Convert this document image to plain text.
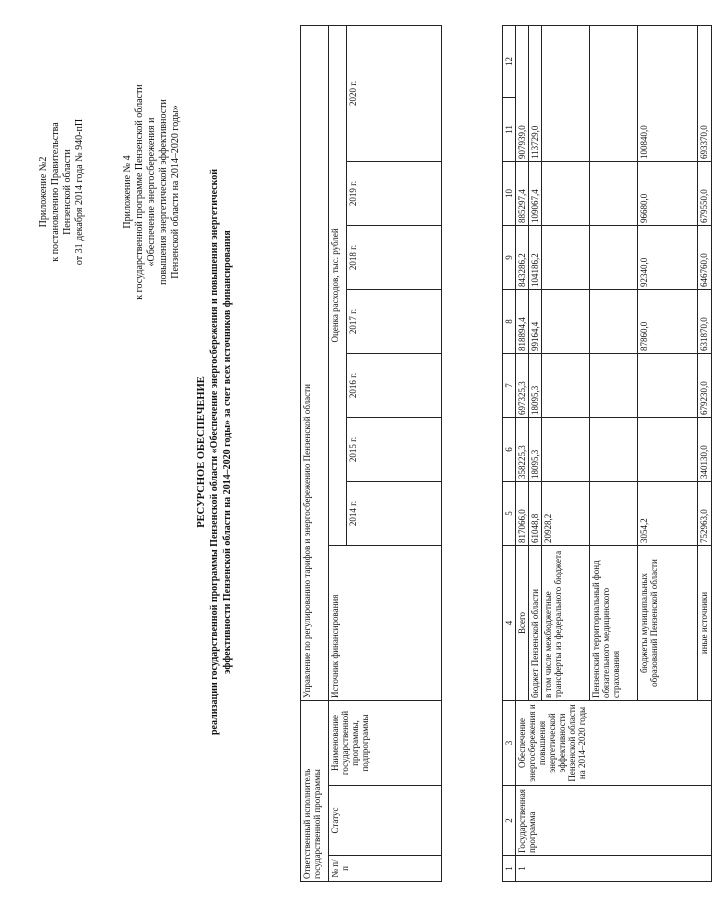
Приложение №2 к постановлению Правительства Пензенской области от 31 декабря 2014 года № 940-пП	Приложение № 4 к государственной программе Пензенской области «Обеспечение энергосбережения и повышения энергетической эффективности Пензенской области на 2014–2020 годы»
РЕСУРСНОЕ ОБЕСПЕЧЕНИЕ реализации государственной программы Пензенской области «Обеспечение энергосбережения и повышения энергетической эффективности Пензенской области на 2014–2020 годы» за счет всех источников финансирования
Ответственный исполнитель государственной программы			Управление по регулированию тарифов и энергосбережению Пензенской области							
№ п/п	Статус	Наименование государственной программы, подпрограммы	Источник финансирования	Оценка расходов, тыс. рублей						
				2014 г.	2015 г.	2016 г.	2017 г.	2018 г.	2019 г.	2020 г.
1	2	3	4	5	6	7	8	9	10	11	12
1	Государственная программа	Обеспечение энергосбережения и повышения энергетической эффективности Пензенской области на 2014–2020 годы	Всего	817066,0	358225,3	697325,3	818894,4	843286,2	885297,4	907939,0	
			бюджет Пензенской области	61048,8	18095,3	18095,3	99164,4	104186,2	109067,4	113729,0	
			в том числе межбюджетные трансферты из федерального бюджета	20928,2							
			Пензенский территориальный фонд обязательного медицинского страхования								
			бюджеты муниципальных образований Пензенской области	3054,2			87860,0	92340,0	96680,0	100840,0	
			иные источники	752963,0	340130,0	679230,0	631870,0	646760,0	679550,0	693370,0	
